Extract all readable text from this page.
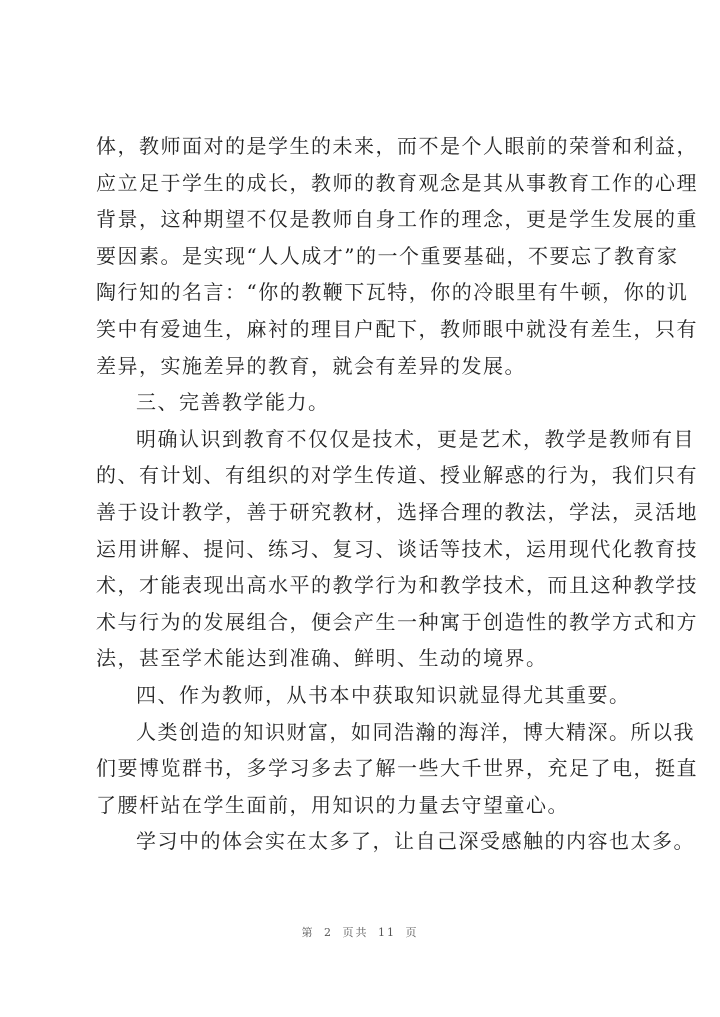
体，教师面对的是学生的未来，而不是个人眼前的荣誉和利益，
应立足于学生的成长，教师的教育观念是其从事教育工作的心理
背景，这种期望不仅是教师自身工作的理念，更是学生发展的重
要因素。是实现“人人成才”的一个重要基础，不要忘了教育家
陶行知的名言：“你的教鞭下瓦特，你的冷眼里有牛顿，你的讥
笑中有爱迪生，麻衬的理目户配下，教师眼中就没有差生，只有
差异，实施差异的教育，就会有差异的发展。
三、完善教学能力。
明确认识到教育不仅仅是技术，更是艺术，教学是教师有目
的、有计划、有组织的对学生传道、授业解惑的行为，我们只有
善于设计教学，善于研究教材，选择合理的教法，学法，灵活地
运用讲解、提问、练习、复习、谈话等技术，运用现代化教育技
术，才能表现出高水平的教学行为和教学技术，而且这种教学技
术与行为的发展组合，便会产生一种寓于创造性的教学方式和方
法，甚至学术能达到准确、鲜明、生动的境界。
四、作为教师，从书本中获取知识就显得尤其重要。
人类创造的知识财富，如同浩瀚的海洋，博大精深。所以我
们要博览群书，多学习多去了解一些大千世界，充足了电，挺直
了腰杆站在学生面前，用知识的力量去守望童心。
学习中的体会实在太多了，让自己深受感触的内容也太多。
第 2 页共 11 页
